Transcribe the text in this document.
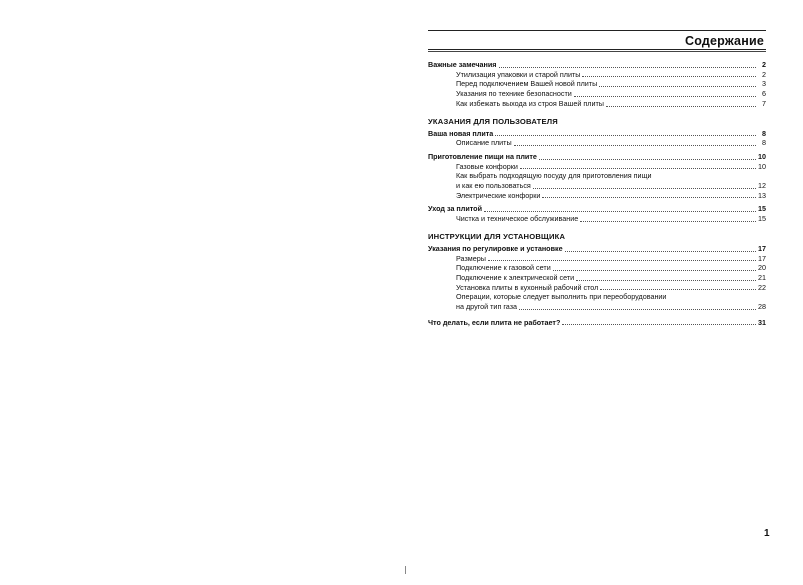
Содержание
Важные замечания	2
Утилизация упаковки и старой плиты	2
Перед подключением Вашей новой плиты	3
Указания по технике безопасности	6
Как избежать выхода из строя Вашей плиты	7
УКАЗАНИЯ ДЛЯ ПОЛЬЗОВАТЕЛЯ
Ваша новая плита	8
Описание плиты	8
Приготовление пищи на плите	10
Газовые конфорки	10
Как выбрать подходящую посуду для приготовления пищи
и как ею пользоваться	12
Электрические конфорки	13
Уход за плитой	15
Чистка и техническое обслуживание	15
ИНСТРУКЦИИ ДЛЯ УСТАНОВЩИКА
Указания по регулировке и установке	17
Размеры	17
Подключение к газовой сети	20
Подключение к электрической сети	21
Установка плиты в кухонный рабочий стол	22
Операции, которые следует выполнить при переоборудовании
на другой тип газа	28
Что делать, если плита не работает?	31
1
